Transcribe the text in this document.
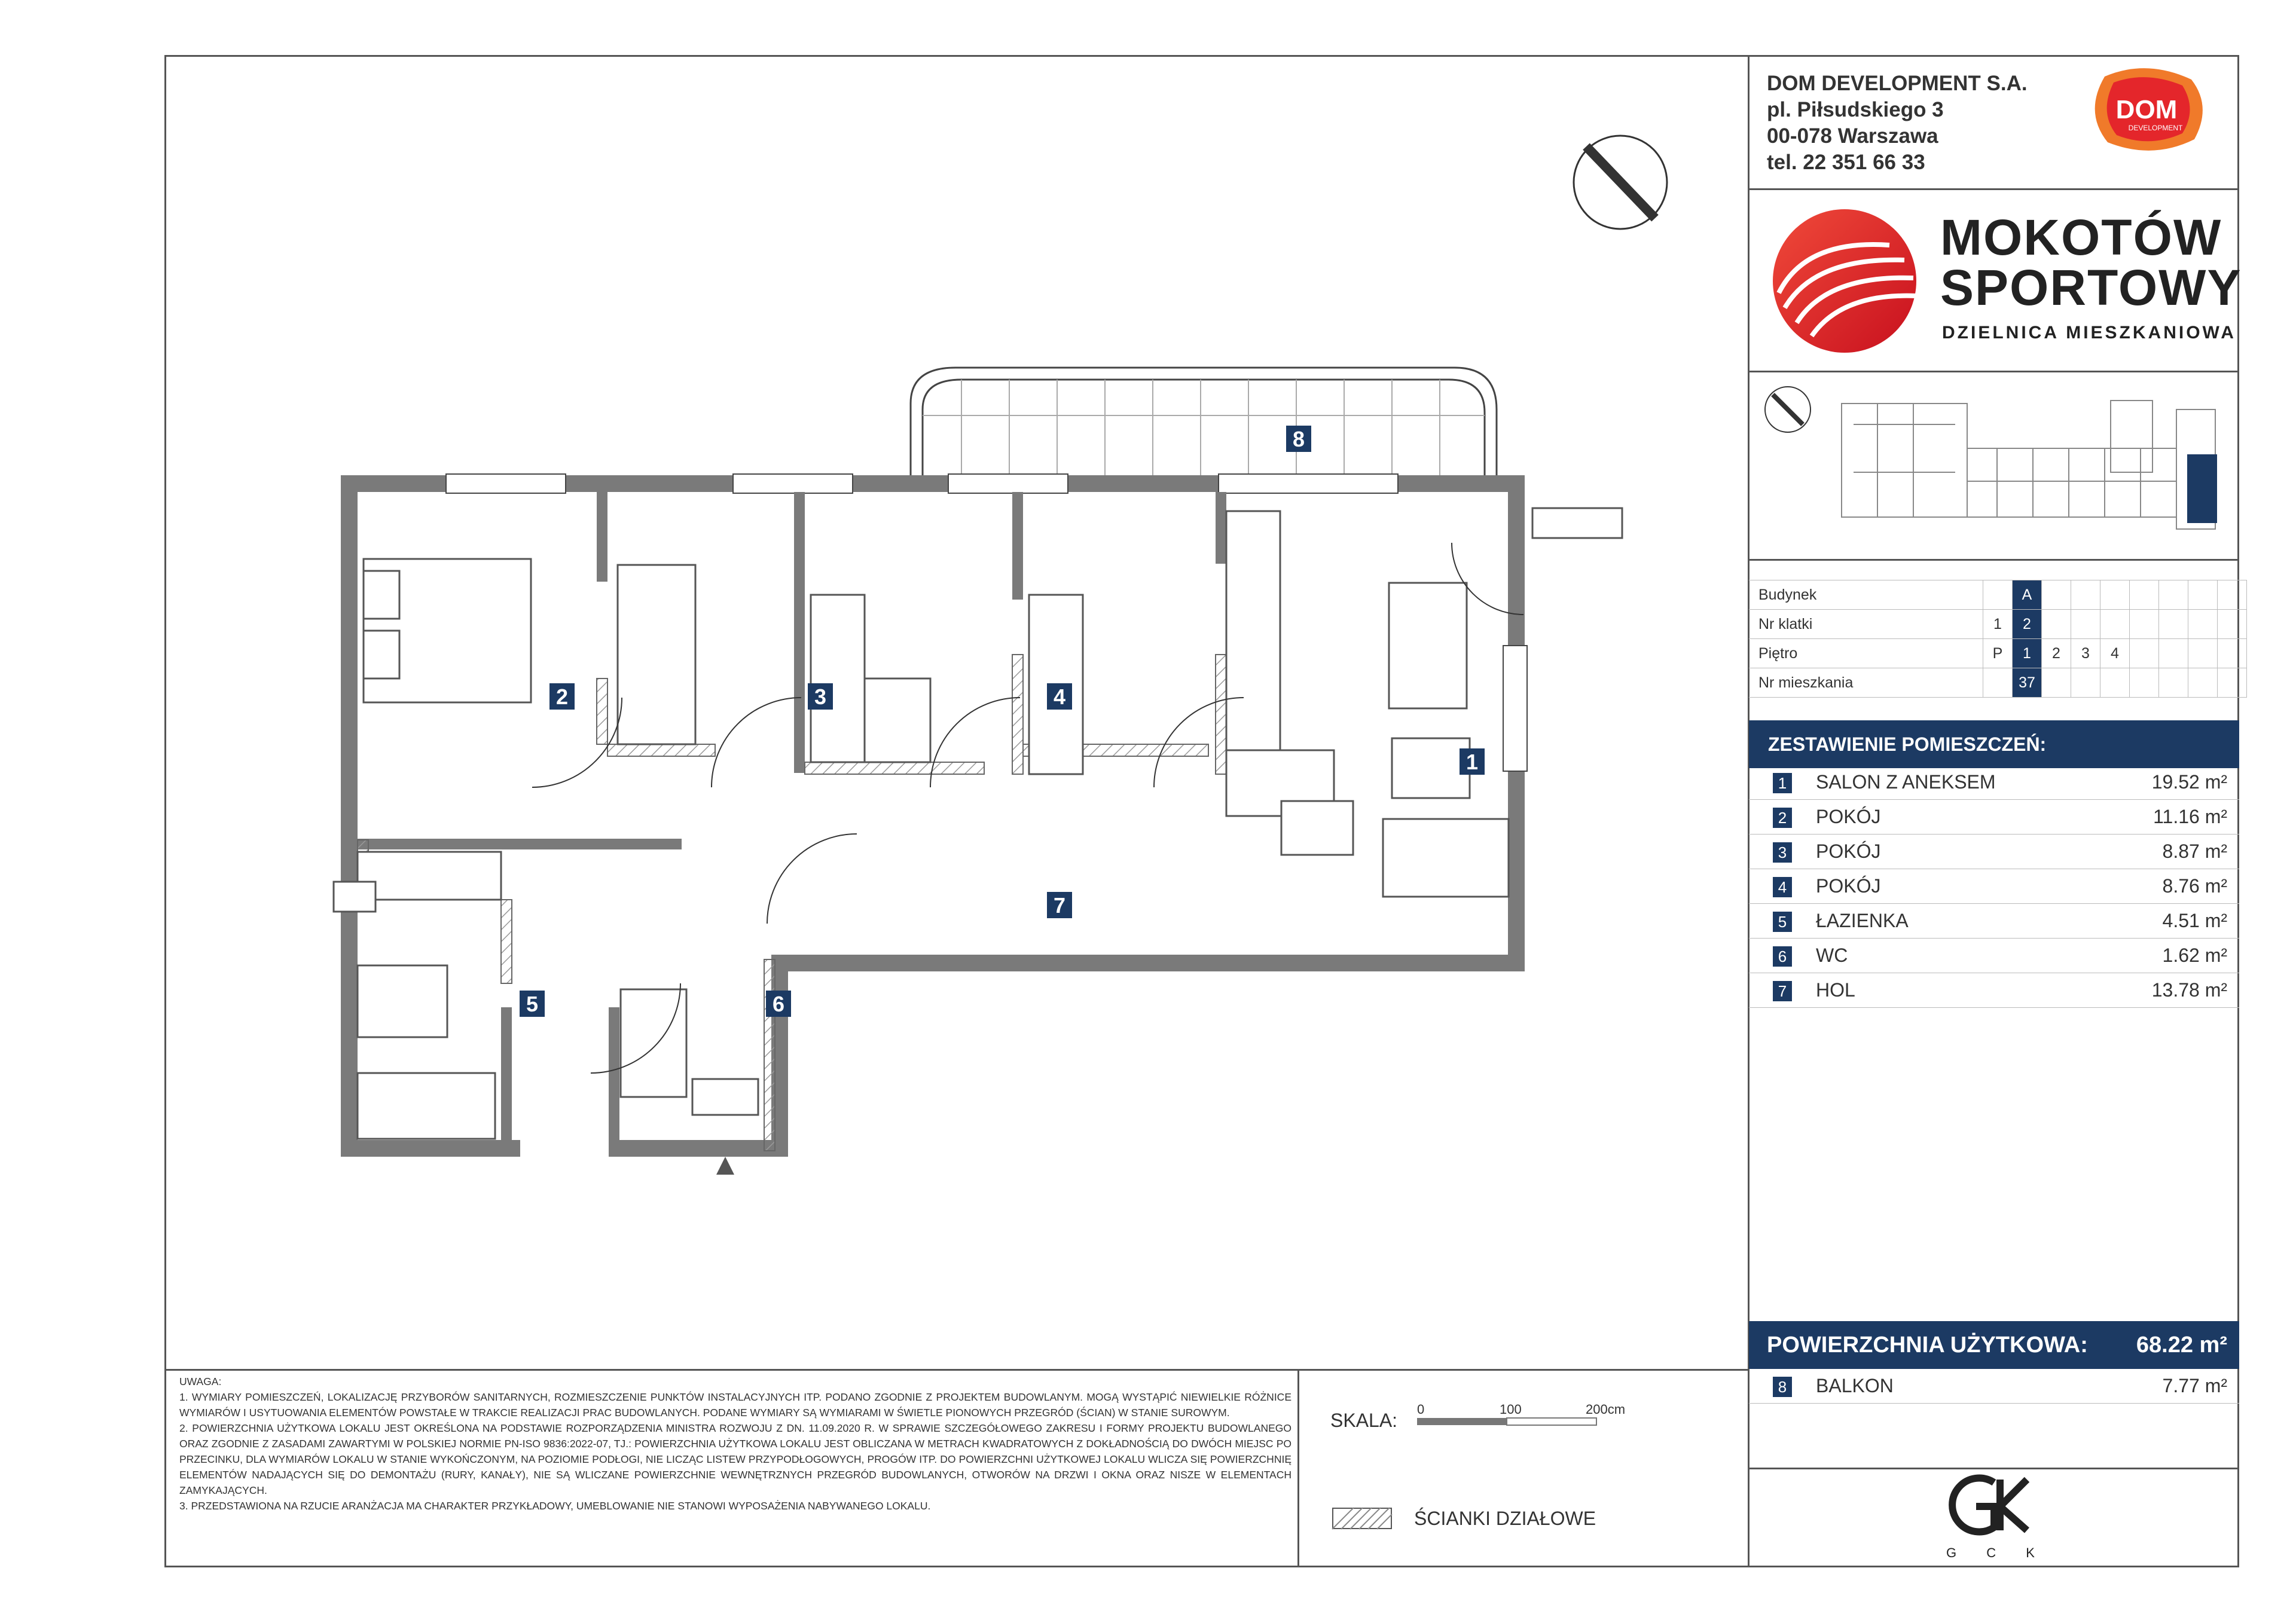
DOM DEVELOPMENT S.A.
pl. Piłsudskiego 3
00-078 Warszawa
tel. 22 351 66 33
DOM
DEVELOPMENT
MOKOTÓW
SPORTOWY
DZIELNICA MIESZKANIOWA
Budynek		A							
Nr klatki	1	2							
Piętro	P	1	2	3	4				
Nr mieszkania		37							
ZESTAWIENIE POMIESZCZEŃ:
1 SALON Z ANEKSEM	19.52 m²
2 POKÓJ	11.16 m²
3 POKÓJ	8.87 m²
4 POKÓJ	8.76 m²
5 ŁAZIENKA	4.51 m²
6 WC	1.62 m²
7 HOL	13.78 m²
POWIERZCHNIA UŻYTKOWA: 68.22 m²
8 BALKON	7.77 m²
G C K

UWAGA:

1. WYMIARY POMIESZCZEŃ, LOKALIZACJĘ PRZYBORÓW SANITARNYCH, ROZMIESZCZENIE PUNKTÓW INSTALACYJNYCH ITP. PODANO ZGODNIE Z PROJEKTEM BUDOWLANYM. MOGĄ WYSTĄPIĆ NIEWIELKIE RÓŻNICE WYMIARÓW I USYTUOWANIA ELEMENTÓW POWSTAŁE W TRAKCIE REALIZACJI PRAC BUDOWLANYCH. PODANE WYMIARY SĄ WYMIARAMI W ŚWIETLE PIONOWYCH PRZEGRÓD (ŚCIAN) W STANIE SUROWYM.

2. POWIERZCHNIA UŻYTKOWA LOKALU JEST OKREŚLONA NA PODSTAWIE ROZPORZĄDZENIA MINISTRA ROZWOJU Z DN. 11.09.2020 R. W SPRAWIE SZCZEGÓŁOWEGO ZAKRESU I FORMY PROJEKTU BUDOWLANEGO ORAZ ZGODNIE Z ZASADAMI ZAWARTYMI W POLSKIEJ NORMIE PN-ISO 9836:2022-07, TJ.: POWIERZCHNIA UŻYTKOWA LOKALU JEST OBLICZANA W METRACH KWADRATOWYCH Z DOKŁADNOŚCIĄ DO DWÓCH MIEJSC PO PRZECINKU, DLA WYMIARÓW LOKALU W STANIE WYKOŃCZONYM, NA POZIOMIE PODŁOGI, NIE LICZĄC LISTEW PRZYPODŁOGOWYCH, PROGÓW ITP. DO POWIERZCHNI UŻYTKOWEJ LOKALU WLICZA SIĘ POWIERZCHNIĘ ELEMENTÓW NADAJĄCYCH SIĘ DO DEMONTAŻU (RURY, KANAŁY), NIE SĄ WLICZANE POWIERZCHNIE WEWNĘTRZNYCH PRZEGRÓD BUDOWLANYCH, OTWORÓW NA DRZWI I OKNA ORAZ NISZE W ELEMENTACH ZAMYKAJĄCYCH.

3. PRZEDSTAWIONA NA RZUCIE ARANŻACJA MA CHARAKTER PRZYKŁADOWY, UMEBLOWANIE NIE STANOWI WYPOSAŻENIA NABYWANEGO LOKALU.

SKALA:
0	100	200cm
ŚCIANKI DZIAŁOWE
1
2	3	4
5	6
7
8
